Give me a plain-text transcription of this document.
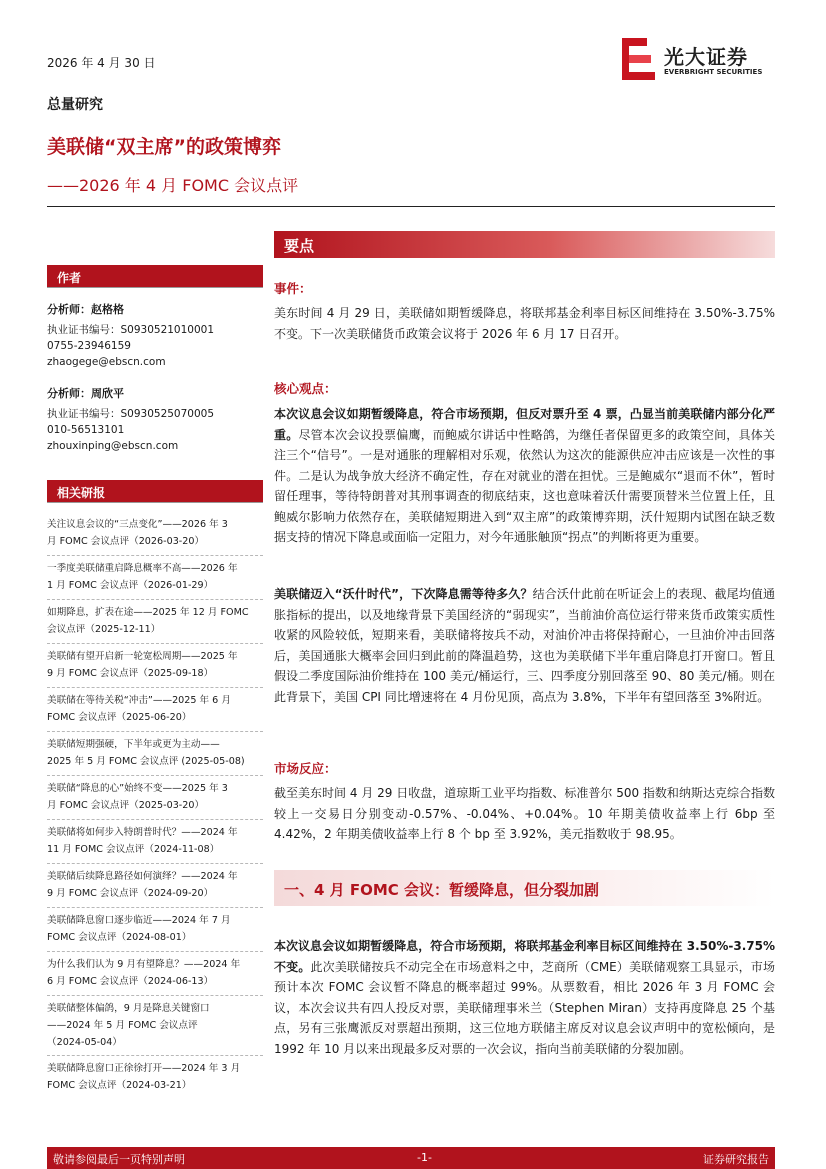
2026 年 4 月 30 日	光大证券
EVERBRIGHT SECURITIES
总量研究
美联储“双主席”的政策博弈
——2026 年 4 月 FOMC 会议点评
作者
分析师：赵格格
执业证书编号：S0930521010001
0755-23946159
zhaogege@ebscn.com
分析师：周欣平
执业证书编号：S0930525070005
010-56513101
zhouxinping@ebscn.com
相关研报
关注议息会议的“三点变化”——2026 年 3
月 FOMC 会议点评（2026-03-20）
一季度美联储重启降息概率不高——2026 年
1 月 FOMC 会议点评（2026-01-29）
如期降息，扩表在途——2025 年 12 月 FOMC
会议点评（2025-12-11）
美联储有望开启新一轮宽松周期——2025 年
9 月 FOMC 会议点评（2025-09-18）
美联储在等待关税“冲击”——2025 年 6 月
FOMC 会议点评（2025-06-20）
美联储短期强硬，下半年或更为主动——
2025 年 5 月 FOMC 会议点评 (2025-05-08)
美联储“降息的心”始终不变——2025 年 3
月 FOMC 会议点评（2025-03-20）
美联储将如何步入特朗普时代？——2024 年
11 月 FOMC 会议点评（2024-11-08）
美联储后续降息路径如何演绎？——2024 年
9 月 FOMC 会议点评（2024-09-20）
美联储降息窗口逐步临近——2024 年 7 月
FOMC 会议点评（2024-08-01）
为什么我们认为 9 月有望降息？——2024 年
6 月 FOMC 会议点评（2024-06-13）
美联储整体偏鸽，9 月是降息关键窗口
——2024 年 5 月 FOMC 会议点评
（2024-05-04）
美联储降息窗口正徐徐打开——2024 年 3 月
FOMC 会议点评（2024-03-21）
要点
事件：
美东时间 4 月 29 日，美联储如期暂缓降息，将联邦基金利率目标区间维持在 3.50%-3.75%不变。下一次美联储货币政策会议将于 2026 年 6 月 17 日召开。
核心观点：
本次议息会议如期暂缓降息，符合市场预期，但反对票升至 4 票，凸显当前美联储内部分化严重。尽管本次会议投票偏鹰，而鲍威尔讲话中性略鸽，为继任者保留更多的政策空间，具体关注三个“信号”。一是对通胀的理解相对乐观，依然认为这次的能源供应冲击应该是一次性的事件。二是认为战争放大经济不确定性，存在对就业的潜在担忧。三是鲍威尔“退而不休”，暂时留任理事，等待特朗普对其刑事调查的彻底结束，这也意味着沃什需要顶替米兰位置上任，且鲍威尔影响力依然存在，美联储短期进入到“双主席”的政策博弈期，沃什短期内试图在缺乏数据支持的情况下降息或面临一定阻力，对今年通胀触顶“拐点”的判断将更为重要。
美联储迈入“沃什时代”，下次降息需等待多久？结合沃什此前在听证会上的表现、截尾均值通胀指标的提出，以及地缘背景下美国经济的“弱现实”，当前油价高位运行带来货币政策实质性收紧的风险较低，短期来看，美联储将按兵不动，对油价冲击将保持耐心，一旦油价冲击回落后，美国通胀大概率会回归到此前的降温趋势，这也为美联储下半年重启降息打开窗口。暂且假设二季度国际油价维持在 100 美元/桶运行，三、四季度分别回落至 90、80 美元/桶。则在此背景下，美国 CPI 同比增速将在 4 月份见顶，高点为 3.8%，下半年有望回落至 3%附近。
市场反应：
截至美东时间 4 月 29 日收盘，道琼斯工业平均指数、标准普尔 500 指数和纳斯达克综合指数较上一交易日分别变动-0.57%、-0.04%、+0.04%。10 年期美债收益率上行 6bp 至 4.42%，2 年期美债收益率上行 8 个 bp 至 3.92%，美元指数收于 98.95。
一、4 月 FOMC 会议：暂缓降息，但分裂加剧
本次议息会议如期暂缓降息，符合市场预期，将联邦基金利率目标区间维持在 3.50%-3.75%不变。此次美联储按兵不动完全在市场意料之中，芝商所（CME）美联储观察工具显示，市场预计本次 FOMC 会议暂不降息的概率超过 99%。从票数看，相比 2026 年 3 月 FOMC 会议，本次会议共有四人投反对票，美联储理事米兰（Stephen Miran）支持再度降息 25 个基点，另有三张鹰派反对票超出预期，这三位地方联储主席反对议息会议声明中的宽松倾向，是 1992 年 10 月以来出现最多反对票的一次会议，指向当前美联储的分裂加剧。
敬请参阅最后一页特别声明	-1-	证券研究报告
